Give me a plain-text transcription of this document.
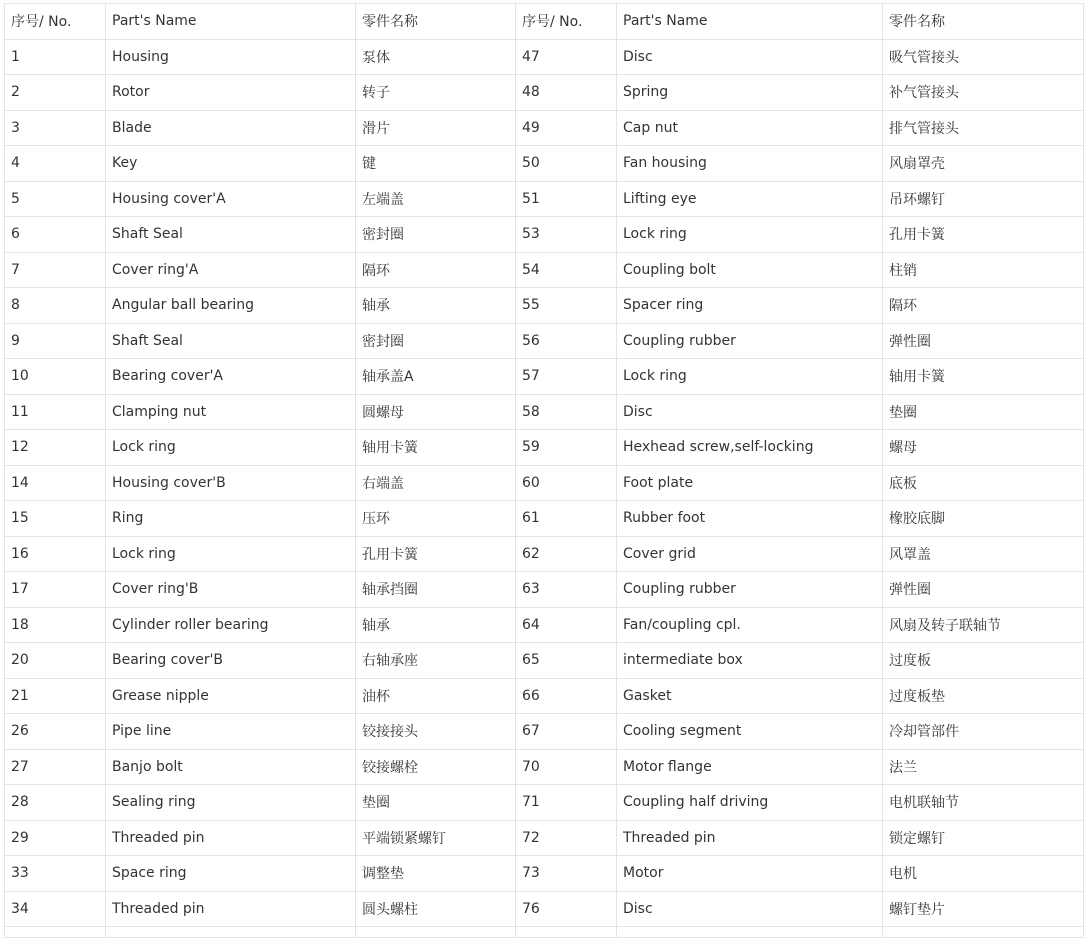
序号/ No.	Part's Name	零件名称	序号/ No.	Part's Name	零件名称
1	Housing	泵体	47	Disc	吸气管接头
2	Rotor	转子	48	Spring	补气管接头
3	Blade	滑片	49	Cap nut	排气管接头
4	Key	键	50	Fan housing	风扇罩壳
5	Housing cover'A	左端盖	51	Lifting eye	吊环螺钉
6	Shaft Seal	密封圈	53	Lock ring	孔用卡簧
7	Cover ring'A	隔环	54	Coupling bolt	柱销
8	Angular ball bearing	轴承	55	Spacer ring	隔环
9	Shaft Seal	密封圈	56	Coupling rubber	弹性圈
10	Bearing cover'A	轴承盖A	57	Lock ring	轴用卡簧
11	Clamping nut	圆螺母	58	Disc	垫圈
12	Lock ring	轴用卡簧	59	Hexhead screw,self-locking	螺母
14	Housing cover'B	右端盖	60	Foot plate	底板
15	Ring	压环	61	Rubber foot	橡胶底脚
16	Lock ring	孔用卡簧	62	Cover grid	风罩盖
17	Cover ring'B	轴承挡圈	63	Coupling rubber	弹性圈
18	Cylinder roller bearing	轴承	64	Fan/coupling cpl.	风扇及转子联轴节
20	Bearing cover'B	右轴承座	65	intermediate box	过度板
21	Grease nipple	油杯	66	Gasket	过度板垫
26	Pipe line	铰接接头	67	Cooling segment	冷却管部件
27	Banjo bolt	铰接螺栓	70	Motor flange	法兰
28	Sealing ring	垫圈	71	Coupling half driving	电机联轴节
29	Threaded pin	平端锁紧螺钉	72	Threaded pin	锁定螺钉
33	Space ring	调整垫	73	Motor	电机
34	Threaded pin	圆头螺柱	76	Disc	螺钉垫片
